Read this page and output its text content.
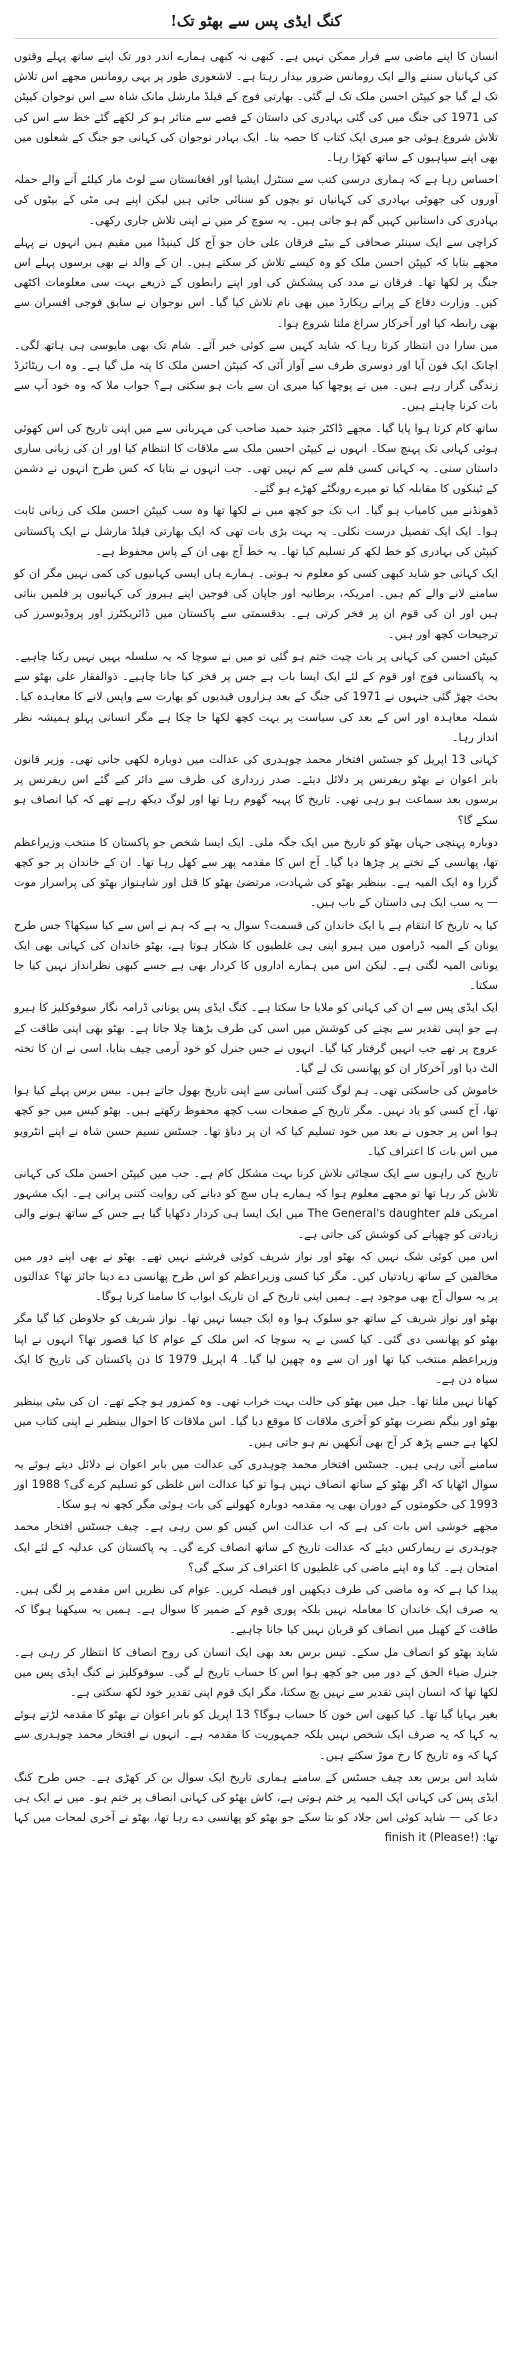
کنگ ایڈی پس سے بھٹو تک!

انسان کا اپنے ماضی سے فرار ممکن نہیں ہے۔ کبھی نہ کبھی ہمارے اندر دور تک اپنے ساتھ پہلے وقتوں کی کہانیاں سننے والے ایک رومانس ضرور بیدار رہتا ہے۔ لاشعوری طور پر یہی رومانس مجھے اس تلاش تک لے گیا جو کیپٹن احسن ملک تک لے گئی۔ بھارتی فوج کے فیلڈ مارشل مانک شاہ سے اس نوجوان کیپٹن کی 1971 کی جنگ میں کی گئی بہادری کی داستان کے قصے سے متاثر ہو کر لکھے گئے خط سے اس کی تلاش شروع ہوئی جو میری ایک کتاب کا حصہ بنا۔ ایک بہادر نوجوان کی کہانی جو جنگ کے شعلوں میں بھی اپنے سپاہیوں کے ساتھ کھڑا رہا۔

احساس رہا ہے کہ ہماری درسی کتب سے سنٹرل ایشیا اور افغانستان سے لوٹ مار کیلئے آنے والے حملہ آوروں کی جھوٹی بہادری کی کہانیاں تو بچوں کو سنائی جاتی ہیں لیکن اپنے ہی مٹی کے بیٹوں کی بہادری کی داستانیں کہیں گم ہو جاتی ہیں۔ یہ سوچ کر میں نے اپنی تلاش جاری رکھی۔

کراچی سے ایک سینئر صحافی کے بیٹے فرقان علی خان جو آج کل کینیڈا میں مقیم ہیں انہوں نے پہلے مجھے بتایا کہ کیپٹن احسن ملک کو وہ کیسے تلاش کر سکتے ہیں۔ ان کے والد نے بھی برسوں پہلے اس جنگ پر لکھا تھا۔ فرقان نے مدد کی پیشکش کی اور اپنے رابطوں کے ذریعے بہت سی معلومات اکٹھی کیں۔ وزارت دفاع کے پرانے ریکارڈ میں بھی نام تلاش کیا گیا۔ اس نوجوان نے سابق فوجی افسران سے بھی رابطہ کیا اور آخرکار سراغ ملنا شروع ہوا۔

میں سارا دن انتظار کرتا رہا کہ شاید کہیں سے کوئی خبر آئے۔ شام تک بھی مایوسی ہی ہاتھ لگی۔ اچانک ایک فون آیا اور دوسری طرف سے آواز آئی کہ کیپٹن احسن ملک کا پتہ مل گیا ہے۔ وہ اب ریٹائرڈ زندگی گزار رہے ہیں۔ میں نے پوچھا کیا میری ان سے بات ہو سکتی ہے؟ جواب ملا کہ وہ خود آپ سے بات کرنا چاہتے ہیں۔

ساتھ کام کرتا ہوا پایا گیا۔ مجھے ڈاکٹر جنید حمید صاحب کی مہربانی سے میں اپنی تاریخ کی اس کھوئی ہوئی کہانی تک پہنچ سکا۔ انہوں نے کیپٹن احسن ملک سے ملاقات کا انتظام کیا اور ان کی زبانی ساری داستان سنی۔ یہ کہانی کسی فلم سے کم نہیں تھی۔ جب انہوں نے بتایا کہ کس طرح انہوں نے دشمن کے ٹینکوں کا مقابلہ کیا تو میرے رونگٹے کھڑے ہو گئے۔

ڈھونڈنے میں کامیاب ہو گیا۔ اب تک جو کچھ میں نے لکھا تھا وہ سب کیپٹن احسن ملک کی زبانی ثابت ہوا۔ ایک ایک تفصیل درست نکلی۔ یہ بہت بڑی بات تھی کہ ایک بھارتی فیلڈ مارشل نے ایک پاکستانی کیپٹن کی بہادری کو خط لکھ کر تسلیم کیا تھا۔ یہ خط آج بھی ان کے پاس محفوظ ہے۔

ایک کہانی جو شاید کبھی کسی کو معلوم نہ ہوتی۔ ہمارے ہاں ایسی کہانیوں کی کمی نہیں مگر ان کو سامنے لانے والے کم ہیں۔ امریکہ، برطانیہ اور جاپان کی فوجیں اپنے ہیروز کی کہانیوں پر فلمیں بناتی ہیں اور ان کی قوم ان پر فخر کرتی ہے۔ بدقسمتی سے پاکستان میں ڈائریکٹرز اور پروڈیوسرز کی ترجیحات کچھ اور ہیں۔

کیپٹن احسن کی کہانی پر بات چیت ختم ہو گئی تو میں نے سوچا کہ یہ سلسلہ یہیں نہیں رکنا چاہیے۔ یہ پاکستانی فوج اور قوم کے لئے ایک ایسا باب ہے جس پر فخر کیا جانا چاہیے۔ ذوالفقار علی بھٹو سے بحث چھڑ گئی جنہوں نے 1971 کی جنگ کے بعد ہزاروں قیدیوں کو بھارت سے واپس لانے کا معاہدہ کیا۔ شملہ معاہدہ اور اس کے بعد کی سیاست پر بہت کچھ لکھا جا چکا ہے مگر انسانی پہلو ہمیشہ نظر انداز رہا۔

کہانی 13 اپریل کو جسٹس افتخار محمد چوہدری کی عدالت میں دوبارہ لکھی جانی تھی۔ وزیر قانون بابر اعوان نے بھٹو ریفرنس پر دلائل دیئے۔ صدر زرداری کی طرف سے دائر کیے گئے اس ریفرنس پر برسوں بعد سماعت ہو رہی تھی۔ تاریخ کا پہیہ گھوم رہا تھا اور لوگ دیکھ رہے تھے کہ کیا انصاف ہو سکے گا؟

دوبارہ پہنچی جہاں بھٹو کو تاریخ میں ایک جگہ ملی۔ ایک ایسا شخص جو پاکستان کا منتخب وزیراعظم تھا، پھانسی کے تختے پر چڑھا دیا گیا۔ آج اس کا مقدمہ پھر سے کھل رہا تھا۔ ان کے خاندان پر جو کچھ گزرا وہ ایک المیہ ہے۔ بینظیر بھٹو کی شہادت، مرتضیٰ بھٹو کا قتل اور شاہنواز بھٹو کی پراسرار موت — یہ سب ایک ہی داستان کے باب ہیں۔

کیا یہ تاریخ کا انتقام ہے یا ایک خاندان کی قسمت؟ سوال یہ ہے کہ ہم نے اس سے کیا سیکھا؟ جس طرح یونان کے المیہ ڈراموں میں ہیرو اپنی ہی غلطیوں کا شکار ہوتا ہے، بھٹو خاندان کی کہانی بھی ایک یونانی المیہ لگتی ہے۔ لیکن اس میں ہمارے اداروں کا کردار بھی ہے جسے کبھی نظرانداز نہیں کیا جا سکتا۔

ایک ایڈی پس سے ان کی کہانی کو ملایا جا سکتا ہے۔ کنگ ایڈی پس یونانی ڈرامہ نگار سوفوکلیز کا ہیرو ہے جو اپنی تقدیر سے بچنے کی کوشش میں اسی کی طرف بڑھتا چلا جاتا ہے۔ بھٹو بھی اپنی طاقت کے عروج پر تھے جب انہیں گرفتار کیا گیا۔ انہوں نے جس جنرل کو خود آرمی چیف بنایا، اسی نے ان کا تختہ الٹ دیا اور آخرکار ان کو پھانسی تک لے گیا۔

خاموش کی جاسکتی تھی۔ ہم لوگ کتنی آسانی سے اپنی تاریخ بھول جاتے ہیں۔ بیس برس پہلے کیا ہوا تھا، آج کسی کو یاد نہیں۔ مگر تاریخ کے صفحات سب کچھ محفوظ رکھتے ہیں۔ بھٹو کیس میں جو کچھ ہوا اس پر ججوں نے بعد میں خود تسلیم کیا کہ ان پر دباؤ تھا۔ جسٹس نسیم حسن شاہ نے اپنے انٹرویو میں اس بات کا اعتراف کیا۔

تاریخ کی راہوں سے ایک سچائی تلاش کرنا بہت مشکل کام ہے۔ جب میں کیپٹن احسن ملک کی کہانی تلاش کر رہا تھا تو مجھے معلوم ہوا کہ ہمارے ہاں سچ کو دبانے کی روایت کتنی پرانی ہے۔ ایک مشہور امریکی فلم The General's daughter میں ایک ایسا ہی کردار دکھایا گیا ہے جس کے ساتھ ہونے والی زیادتی کو چھپانے کی کوشش کی جاتی ہے۔

اس میں کوئی شک نہیں کہ بھٹو اور نواز شریف کوئی فرشتے نہیں تھے۔ بھٹو نے بھی اپنے دور میں مخالفین کے ساتھ زیادتیاں کیں۔ مگر کیا کسی وزیراعظم کو اس طرح پھانسی دے دینا جائز تھا؟ عدالتوں پر یہ سوال آج بھی موجود ہے۔ ہمیں اپنی تاریخ کے ان تاریک ابواب کا سامنا کرنا ہوگا۔

بھٹو اور نواز شریف کے ساتھ جو سلوک ہوا وہ ایک جیسا نہیں تھا۔ نواز شریف کو جلاوطن کیا گیا مگر بھٹو کو پھانسی دی گئی۔ کیا کسی نے یہ سوچا کہ اس ملک کے عوام کا کیا قصور تھا؟ انہوں نے اپنا وزیراعظم منتخب کیا تھا اور ان سے وہ چھین لیا گیا۔ 4 اپریل 1979 کا دن پاکستان کی تاریخ کا ایک سیاہ دن ہے۔

کھانا نہیں ملتا تھا۔ جیل میں بھٹو کی حالت بہت خراب تھی۔ وہ کمزور ہو چکے تھے۔ ان کی بیٹی بینظیر بھٹو اور بیگم نصرت بھٹو کو آخری ملاقات کا موقع دیا گیا۔ اس ملاقات کا احوال بینظیر نے اپنی کتاب میں لکھا ہے جسے پڑھ کر آج بھی آنکھیں نم ہو جاتی ہیں۔

سامنے آتی رہی ہیں۔ جسٹس افتخار محمد چوہدری کی عدالت میں بابر اعوان نے دلائل دیتے ہوئے یہ سوال اٹھایا کہ اگر بھٹو کے ساتھ انصاف نہیں ہوا تو کیا عدالت اس غلطی کو تسلیم کرے گی؟ 1988 اور 1993 کی حکومتوں کے دوران بھی یہ مقدمہ دوبارہ کھولنے کی بات ہوئی مگر کچھ نہ ہو سکا۔

مجھے خوشی اس بات کی ہے کہ اب عدالت اس کیس کو سن رہی ہے۔ چیف جسٹس افتخار محمد چوہدری نے ریمارکس دیئے کہ عدالت تاریخ کے ساتھ انصاف کرے گی۔ یہ پاکستان کی عدلیہ کے لئے ایک امتحان ہے۔ کیا وہ اپنے ماضی کی غلطیوں کا اعتراف کر سکے گی؟

پیدا کیا ہے کہ وہ ماضی کی طرف دیکھیں اور فیصلہ کریں۔ عوام کی نظریں اس مقدمے پر لگی ہیں۔ یہ صرف ایک خاندان کا معاملہ نہیں بلکہ پوری قوم کے ضمیر کا سوال ہے۔ ہمیں یہ سیکھنا ہوگا کہ طاقت کے کھیل میں انصاف کو قربان نہیں کیا جانا چاہیے۔

شاید بھٹو کو انصاف مل سکے۔ تیس برس بعد بھی ایک انسان کی روح انصاف کا انتظار کر رہی ہے۔ جنرل ضیاء الحق کے دور میں جو کچھ ہوا اس کا حساب تاریخ لے گی۔ سوفوکلیز نے کنگ ایڈی پس میں لکھا تھا کہ انسان اپنی تقدیر سے نہیں بچ سکتا، مگر ایک قوم اپنی تقدیر خود لکھ سکتی ہے۔

بغیر بہایا گیا تھا۔ کیا کبھی اس خون کا حساب ہوگا؟ 13 اپریل کو بابر اعوان نے بھٹو کا مقدمہ لڑتے ہوئے یہ کہا کہ یہ صرف ایک شخص نہیں بلکہ جمہوریت کا مقدمہ ہے۔ انہوں نے افتخار محمد چوہدری سے کہا کہ وہ تاریخ کا رخ موڑ سکتے ہیں۔

شاید اس برس بعد چیف جسٹس کے سامنے ہماری تاریخ ایک سوال بن کر کھڑی ہے۔ جس طرح کنگ ایڈی پس کی کہانی ایک المیہ پر ختم ہوتی ہے، کاش بھٹو کی کہانی انصاف پر ختم ہو۔ میں نے ایک ہی دعا کی — شاید کوئی اس جلاد کو بتا سکے جو بھٹو کو پھانسی دے رہا تھا، بھٹو نے آخری لمحات میں کہا تھا: finish it (Please!)
